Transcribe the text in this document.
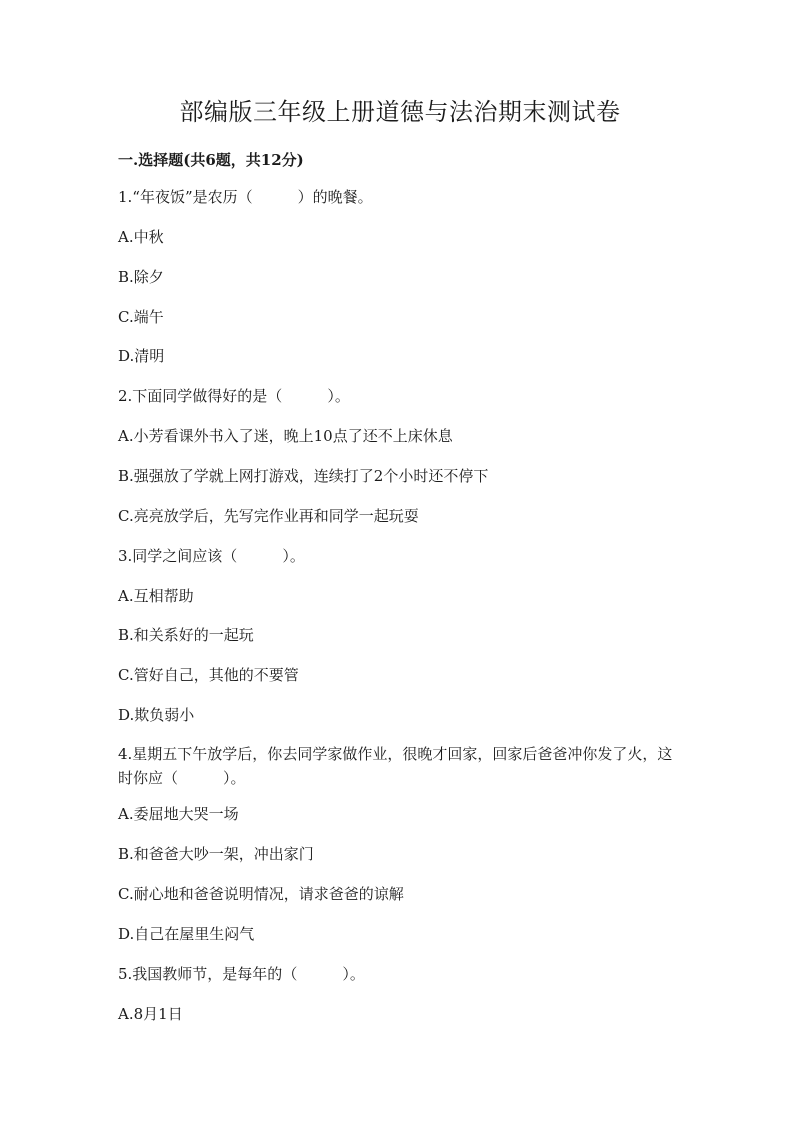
部编版三年级上册道德与法治期末测试卷
一.选择题(共6题，共12分)
1.“年夜饭”是农历（　　　）的晚餐。
A.中秋
B.除夕
C.端午
D.清明
2.下面同学做得好的是（　　　）。
A.小芳看课外书入了迷，晚上10点了还不上床休息
B.强强放了学就上网打游戏，连续打了2个小时还不停下
C.亮亮放学后，先写完作业再和同学一起玩耍
3.同学之间应该（　　　）。
A.互相帮助
B.和关系好的一起玩
C.管好自己，其他的不要管
D.欺负弱小
4.星期五下午放学后，你去同学家做作业，很晚才回家，回家后爸爸冲你发了火，这时你应（　　　）。
A.委屈地大哭一场
B.和爸爸大吵一架，冲出家门
C.耐心地和爸爸说明情况，请求爸爸的谅解
D.自己在屋里生闷气
5.我国教师节，是每年的（　　　）。
A.8月1日
